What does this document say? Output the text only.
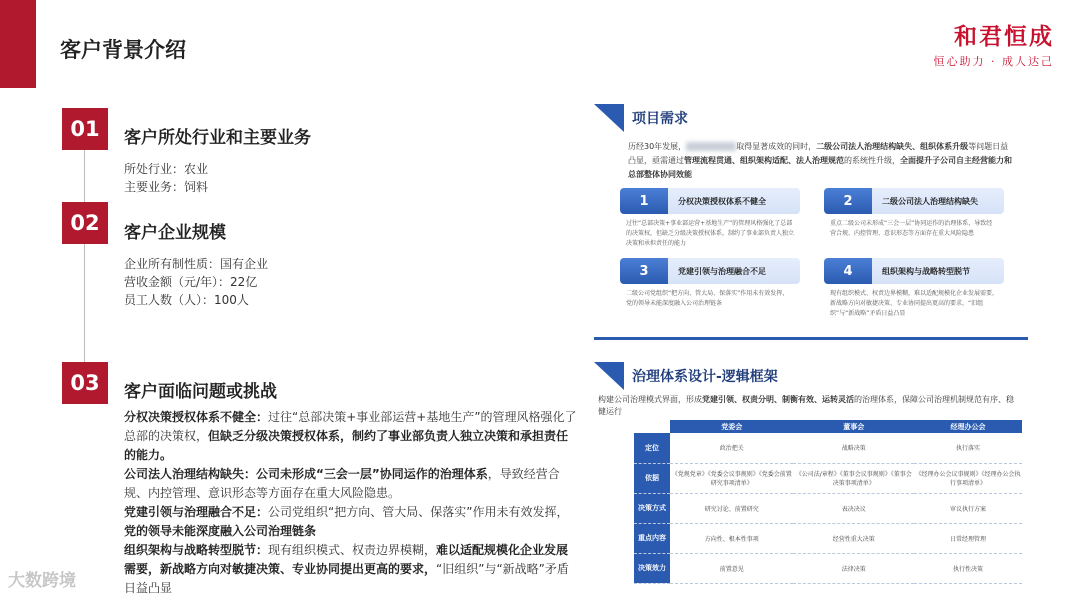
客户背景介绍	和君恒成
恒心助力 · 成人达己
01	客户所处行业和主要业务
所处行业：农业
主要业务：饲料
02	客户企业规模
企业所有制性质：国有企业
营收金额（元/年）：22亿
员工人数（人）：100人
03	客户面临问题或挑战
分权决策授权体系不健全：过往“总部决策+事业部运营+基地生产”的管理风格强化了总部的决策权，但缺乏分级决策授权体系，制约了事业部负责人独立决策和承担责任的能力。
公司法人治理结构缺失：公司未形成“三会一层”协同运作的治理体系，导致经营合规、内控管理、意识形态等方面存在重大风险隐患。
党建引领与治理融合不足：公司党组织“把方向、管大局、保落实”作用未有效发挥，党的领导未能深度融入公司治理链条
组织架构与战略转型脱节：现有组织模式、权责边界模糊，难以适配规模化企业发展需要，新战略方向对敏捷决策、专业协同提出更高的要求，“旧组织”与“新战略”矛盾日益凸显
大数跨境
项目需求
历经30年发展，	取得显著成效的同时，二级公司法人治理结构缺失、组织体系升级等问题日益凸显，亟需通过管理流程贯通、组织架构适配、法人治理规范的系统性升级，全面提升子公司自主经营能力和总部整体协同效能
1	分权决策授权体系不健全
过往“总部决策+事业部运营+基地生产”的管理风格强化了总部的决策权，但缺乏分级决策授权体系，制约了事业部负责人独立决策和承担责任的能力
2	二级公司法人治理结构缺失
重点二级公司未形成“三会一层”协同运作的治理体系，导致经营合规、内控管理、意识形态等方面存在重大风险隐患
3	党建引领与治理融合不足
二级公司党组织“把方向、管大局、保落实”作用未有效发挥，党的领导未能深度融入公司治理链条
4	组织架构与战略转型脱节
现有组织模式、权责边界模糊，难以适配规模化企业发展需要，新战略方向对敏捷决策、专业协同提出更高的要求，“旧组织”与“新战略”矛盾日益凸显
治理体系设计-逻辑框架
构建公司治理模式界面，形成党建引领、权责分明、制衡有效、运转灵活的治理体系，保障公司治理机制规范有序、稳健运行
	党委会	董事会	经理办公会
定位	政治把关	战略决策	执行落实
依据	《党规党章》《党委会议事规则》《党委会前置研究事项清单》	《公司法/章程》《董事会议事规则》《董事会决策事项清单》	《经理办公会议事规则》《经理办公会执行事项清单》
决策方式	研究讨论、前置研究	表决决议	审议执行方案
重点内容	方向性、根本性事项	经营性重大决策	日常经理管理
决策效力	前置意见	法律决策	执行性决策
